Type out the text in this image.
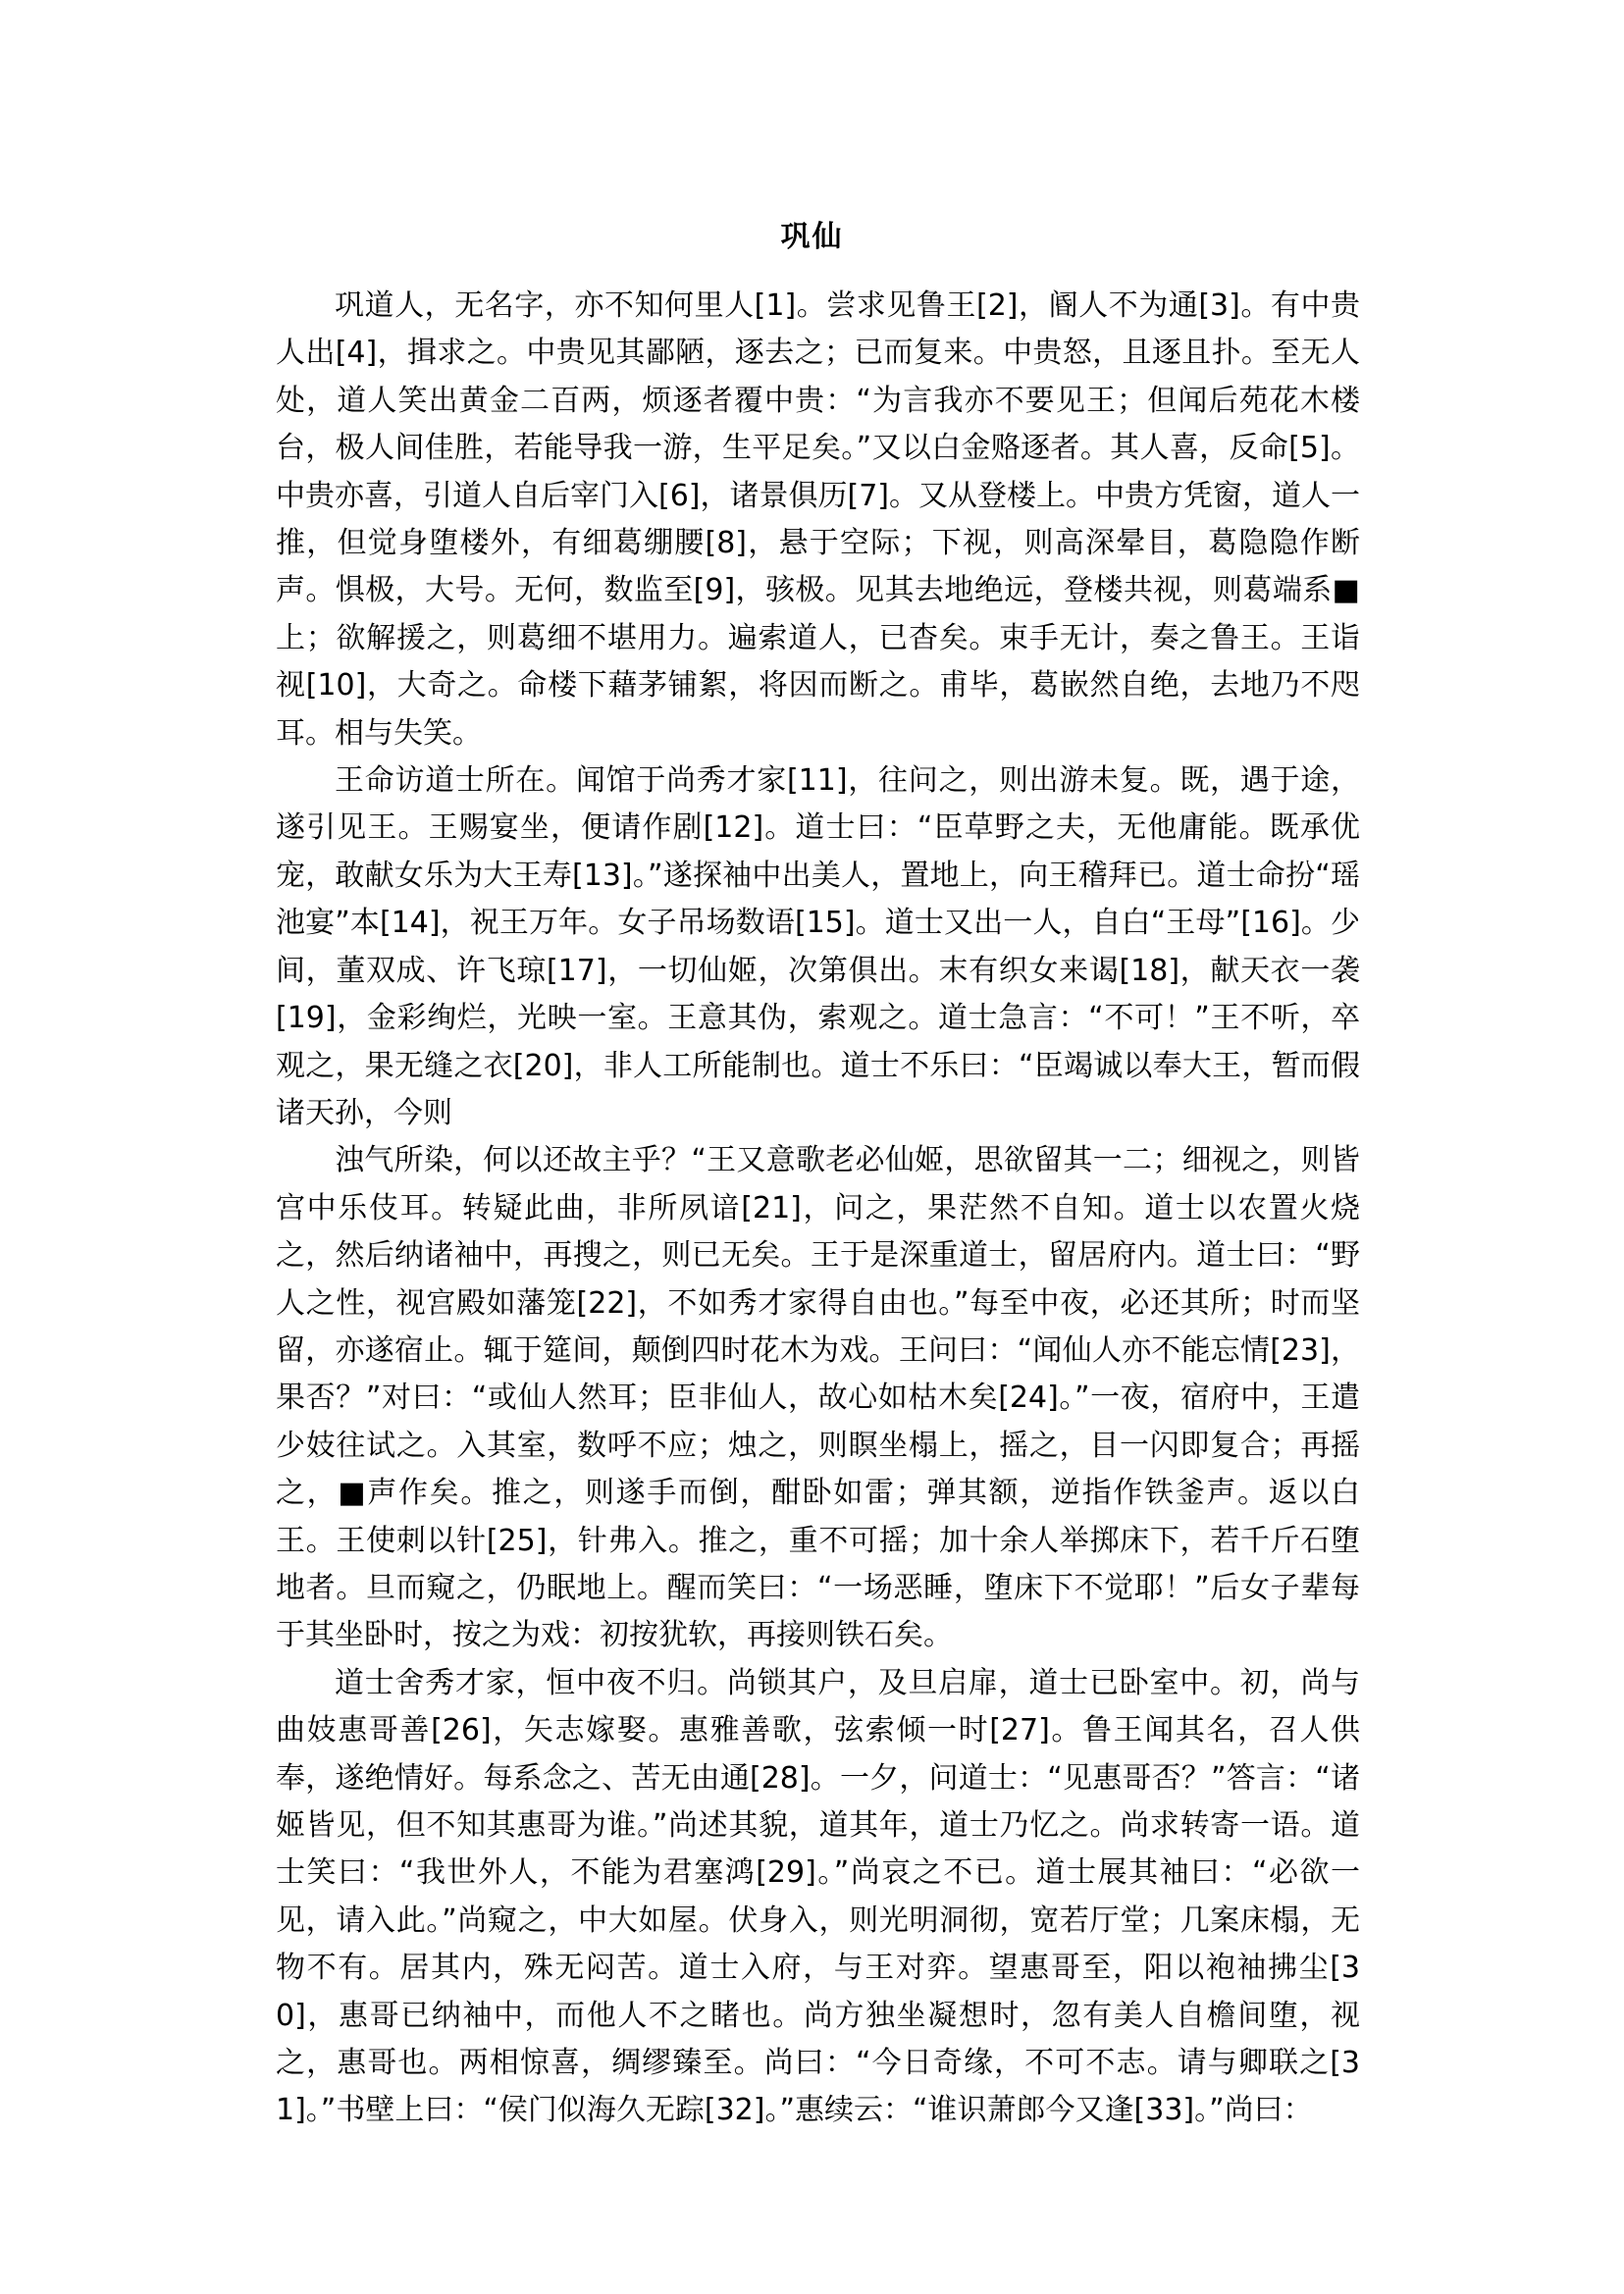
巩仙

巩道人，无名字，亦不知何里人[1]。尝求见鲁王[2]，阍人不为通[3]。有中贵人出[4]，揖求之。中贵见其鄙陋，逐去之；已而复来。中贵怒，且逐且扑。至无人处，道人笑出黄金二百两，烦逐者覆中贵：“为言我亦不要见王；但闻后苑花木楼台，极人间佳胜，若能导我一游，生平足矣。”又以白金赂逐者。其人喜，反命[5]。中贵亦喜，引道人自后宰门入[6]，诸景俱历[7]。又从登楼上。中贵方凭窗，道人一推，但觉身堕楼外，有细葛绷腰[8]，悬于空际；下视，则高深晕目，葛隐隐作断声。惧极，大号。无何，数监至[9]，骇极。见其去地绝远，登楼共视，则葛端系■上；欲解援之，则葛细不堪用力。遍索道人，已杳矣。束手无计，奏之鲁王。王诣视[10]，大奇之。命楼下藉茅铺絮，将因而断之。甫毕，葛嵌然自绝，去地乃不咫耳。相与失笑。

王命访道士所在。闻馆于尚秀才家[11]，往问之，则出游未复。既，遇于途，遂引见王。王赐宴坐，便请作剧[12]。道士曰：“臣草野之夫，无他庸能。既承优宠，敢献女乐为大王寿[13]。”遂探袖中出美人，置地上，向王稽拜已。道士命扮“瑶池宴”本[14]，祝王万年。女子吊场数语[15]。道士又出一人，自白“王母”[16]。少间，董双成、许飞琼[17]，一切仙姬，次第俱出。末有织女来谒[18]，献天衣一袭[19]，金彩绚烂，光映一室。王意其伪，索观之。道士急言：“不可！”王不听，卒观之，果无缝之衣[20]，非人工所能制也。道士不乐曰：“臣竭诚以奉大王，暂而假诸天孙，今则

浊气所染，何以还故主乎？“王又意歌老必仙姬，思欲留其一二；细视之，则皆宫中乐伎耳。转疑此曲，非所夙谙[21]，问之，果茫然不自知。道士以农置火烧之，然后纳诸袖中，再搜之，则已无矣。王于是深重道士，留居府内。道士曰：“野人之性，视宫殿如藩笼[22]，不如秀才家得自由也。”每至中夜，必还其所；时而坚留，亦遂宿止。辄于筵间，颠倒四时花木为戏。王问曰：“闻仙人亦不能忘情[23]，果否？”对曰：“或仙人然耳；臣非仙人，故心如枯木矣[24]。”一夜，宿府中，王遣少妓往试之。入其室，数呼不应；烛之，则瞑坐榻上，摇之，目一闪即复合；再摇之，■声作矣。推之，则遂手而倒，酣卧如雷；弹其额，逆指作铁釜声。返以白王。王使刺以针[25]，针弗入。推之，重不可摇；加十余人举掷床下，若千斤石堕地者。旦而窥之，仍眠地上。醒而笑曰：“一场恶睡，堕床下不觉耶！”后女子辈每于其坐卧时，按之为戏：初按犹软，再接则铁石矣。

道士舍秀才家，恒中夜不归。尚锁其户，及旦启扉，道士已卧室中。初，尚与曲妓惠哥善[26]，矢志嫁娶。惠雅善歌，弦索倾一时[27]。鲁王闻其名，召人供奉，遂绝情好。每系念之、苦无由通[28]。一夕，问道士：“见惠哥否？”答言：“诸姬皆见，但不知其惠哥为谁。”尚述其貌，道其年，道士乃忆之。尚求转寄一语。道士笑曰：“我世外人，不能为君塞鸿[29]。”尚哀之不已。道士展其袖曰：“必欲一见，请入此。”尚窥之，中大如屋。伏身入，则光明洞彻，宽若厅堂；几案床榻，无物不有。居其内，殊无闷苦。道士入府，与王对弈。望惠哥至，阳以袍袖拂尘[30]，惠哥已纳袖中，而他人不之睹也。尚方独坐凝想时，忽有美人自檐间堕，视之，惠哥也。两相惊喜，绸缪臻至。尚曰：“今日奇缘，不可不志。请与卿联之[31]。”书壁上曰：“侯门似海久无踪[32]。”惠续云：“谁识萧郎今又逢[33]。”尚曰：
